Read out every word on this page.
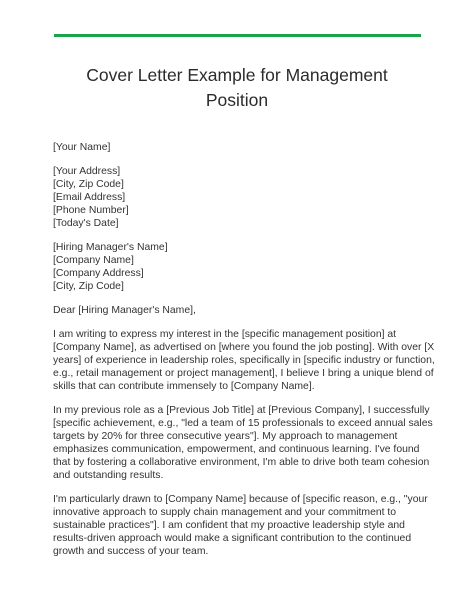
Cover Letter Example for Management
Position
[Your Name]
[Your Address]
[City, Zip Code]
[Email Address]
[Phone Number]
[Today's Date]
[Hiring Manager's Name]
[Company Name]
[Company Address]
[City, Zip Code]
Dear [Hiring Manager's Name],
I am writing to express my interest in the [specific management position] at
[Company Name], as advertised on [where you found the job posting]. With over [X
years] of experience in leadership roles, specifically in [specific industry or function,
e.g., retail management or project management], I believe I bring a unique blend of
skills that can contribute immensely to [Company Name].
In my previous role as a [Previous Job Title] at [Previous Company], I successfully
[specific achievement, e.g., "led a team of 15 professionals to exceed annual sales
targets by 20% for three consecutive years"]. My approach to management
emphasizes communication, empowerment, and continuous learning. I've found
that by fostering a collaborative environment, I'm able to drive both team cohesion
and outstanding results.
I'm particularly drawn to [Company Name] because of [specific reason, e.g., "your
innovative approach to supply chain management and your commitment to
sustainable practices"]. I am confident that my proactive leadership style and
results-driven approach would make a significant contribution to the continued
growth and success of your team.
